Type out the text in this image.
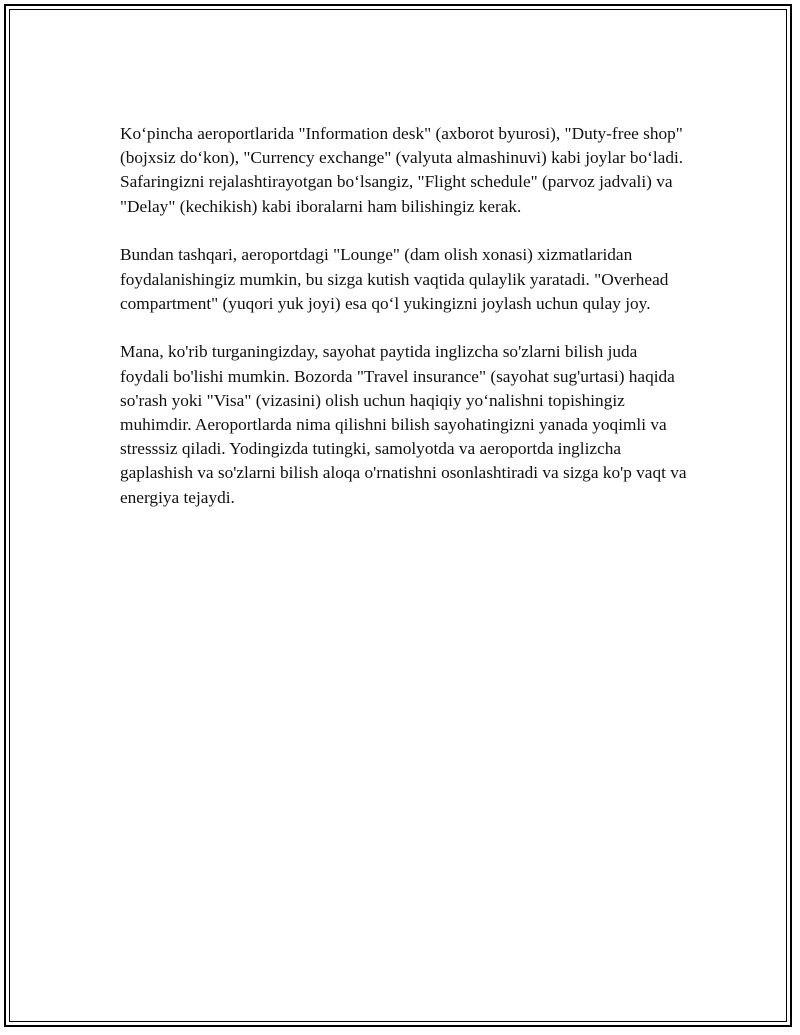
Ko‘pincha aeroportlarida "Information desk" (axborot byurosi), "Duty-free shop" (bojxsiz do‘kon), "Currency exchange" (valyuta almashinuvi) kabi joylar bo‘ladi. Safaringizni rejalashtirayotgan bo‘lsangiz, "Flight schedule" (parvoz jadvali) va "Delay" (kechikish) kabi iboralarni ham bilishingiz kerak.

Bundan tashqari, aeroportdagi "Lounge" (dam olish xonasi) xizmatlaridan foydalanishingiz mumkin, bu sizga kutish vaqtida qulaylik yaratadi. "Overhead compartment" (yuqori yuk joyi) esa qo‘l yukingizni joylash uchun qulay joy.

Mana, ko'rib turganingizday, sayohat paytida inglizcha so'zlarni bilish juda foydali bo'lishi mumkin. Bozorda "Travel insurance" (sayohat sug'urtasi) haqida so'rash yoki "Visa" (vizasini) olish uchun haqiqiy yo‘nalishni topishingiz muhimdir. Aeroportlarda nima qilishni bilish sayohatingizni yanada yoqimli va stresssiz qiladi. Yodingizda tutingki, samolyotda va aeroportda inglizcha gaplashish va so'zlarni bilish aloqa o'rnatishni osonlashtiradi va sizga ko'p vaqt va energiya tejaydi.
